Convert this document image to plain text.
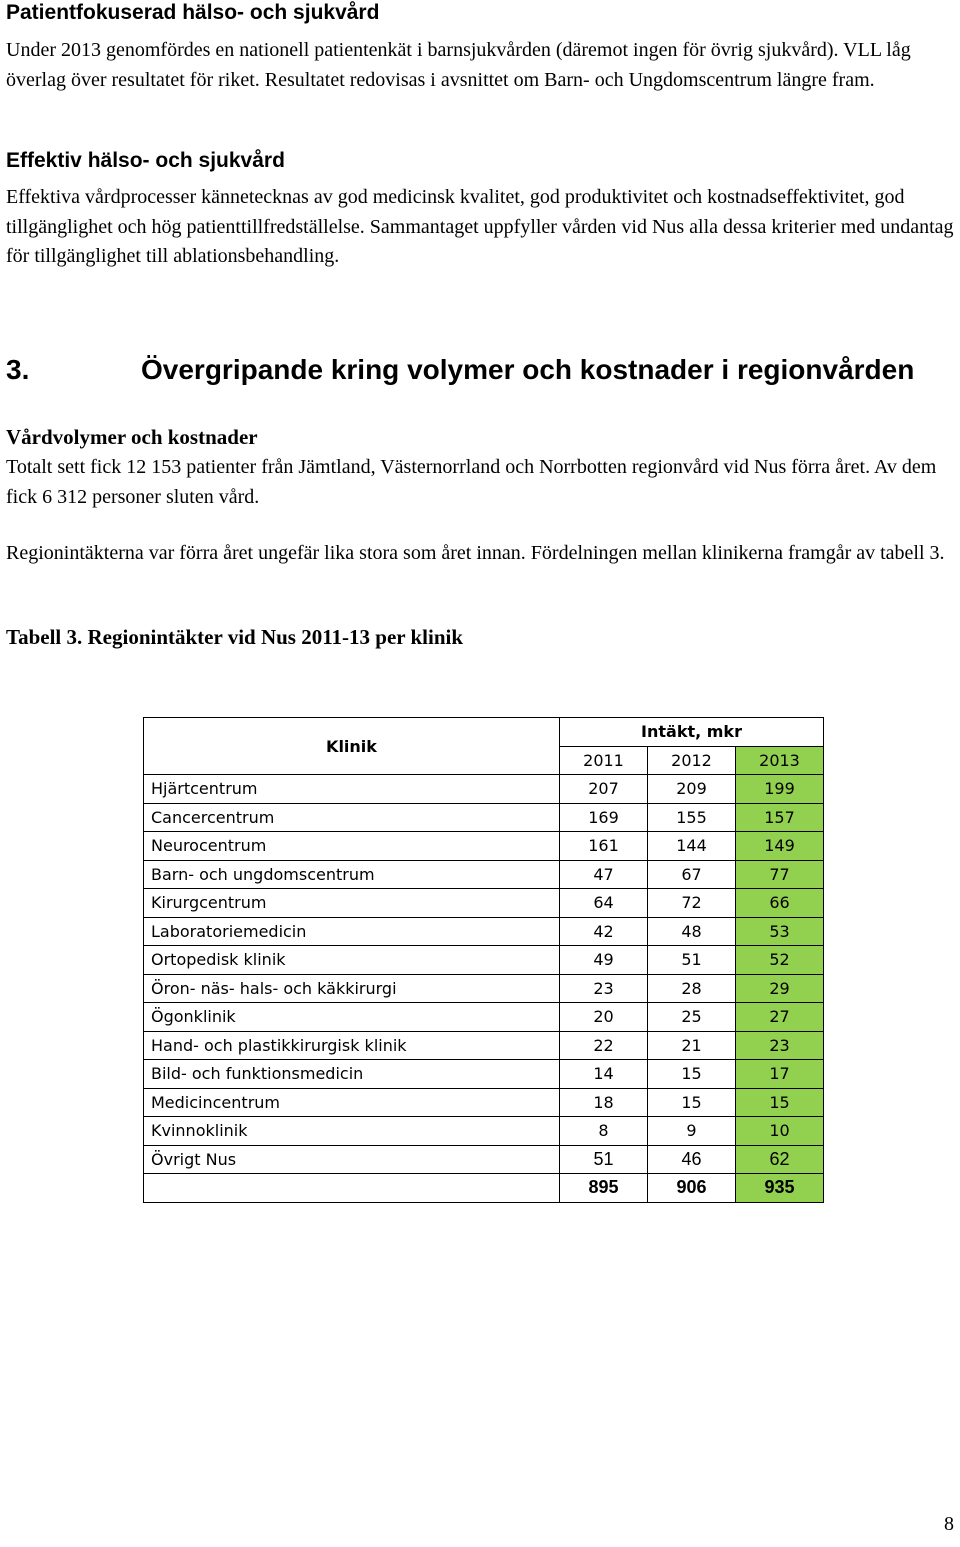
Patientfokuserad hälso- och sjukvård

Under 2013 genomfördes en nationell patientenkät i barnsjukvården (däremot ingen för övrig sjukvård). VLL låg överlag över resultatet för riket. Resultatet redovisas i avsnittet om Barn- och Ungdomscentrum längre fram.

Effektiv hälso- och sjukvård

Effektiva vårdprocesser kännetecknas av god medicinsk kvalitet, god produktivitet och kostnadseffektivitet, god tillgänglighet och hög patienttillfredställelse. Sammantaget uppfyller vården vid Nus alla dessa kriterier med undantag för tillgänglighet till ablationsbehandling.

3.	Övergripande kring volymer och kostnader i regionvården
Vårdvolymer och kostnader

Totalt sett fick 12 153 patienter från Jämtland, Västernorrland och Norrbotten regionvård vid Nus förra året. Av dem fick 6 312 personer sluten vård.

Regionintäkterna var förra året ungefär lika stora som året innan. Fördelningen mellan klinikerna framgår av tabell 3.

Tabell 3. Regionintäkter vid Nus 2011-13 per klinik
Klinik	Intäkt, mkr		
	2011	2012	2013
Hjärtcentrum	207	209	199
Cancercentrum	169	155	157
Neurocentrum	161	144	149
Barn- och ungdomscentrum	47	67	77
Kirurgcentrum	64	72	66
Laboratoriemedicin	42	48	53
Ortopedisk klinik	49	51	52
Öron- näs- hals- och käkkirurgi	23	28	29
Ögonklinik	20	25	27
Hand- och plastikkirurgisk klinik	22	21	23
Bild- och funktionsmedicin	14	15	17
Medicincentrum	18	15	15
Kvinnoklinik	8	9	10
Övrigt Nus	51	46	62
	895	906	935
8
